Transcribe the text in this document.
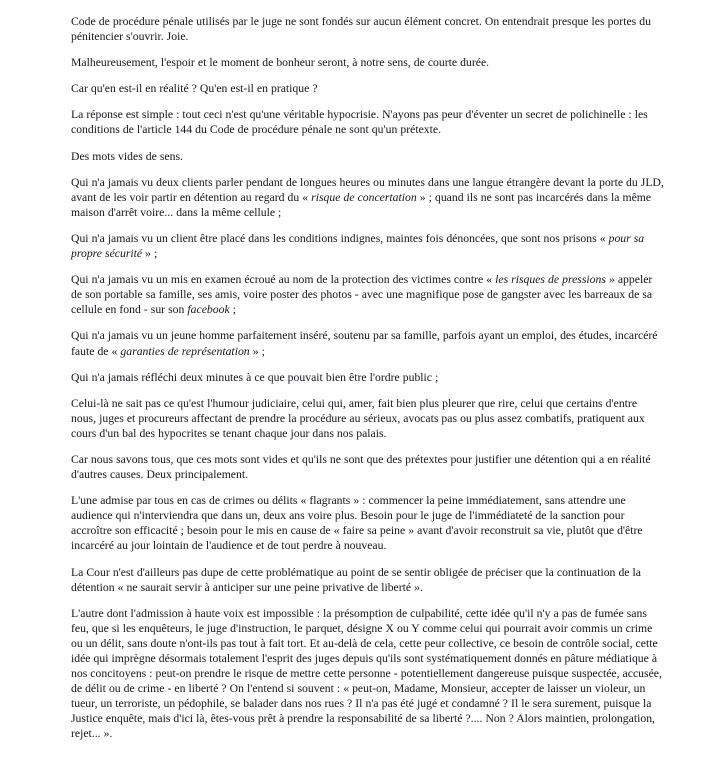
Code de procédure pénale utilisés par le juge ne sont fondés sur aucun élément concret. On entendrait presque les portes du pénitencier s'ouvrir. Joie.

Malheureusement, l'espoir et le moment de bonheur seront, à notre sens, de courte durée.

Car qu'en est-il en réalité ? Qu'en est-il en pratique ?

La réponse est simple : tout ceci n'est qu'une véritable hypocrisie. N'ayons pas peur d'éventer un secret de polichinelle : les conditions de l'article 144 du Code de procédure pénale ne sont qu'un prétexte.

Des mots vides de sens.

Qui n'a jamais vu deux clients parler pendant de longues heures ou minutes dans une langue étrangère devant la porte du JLD, avant de les voir partir en détention au regard du « risque de concertation » ; quand ils ne sont pas incarcérés dans la même maison d'arrêt voire... dans la même cellule ;

Qui n'a jamais vu un client être placé dans les conditions indignes, maintes fois dénoncées, que sont nos prisons « pour sa propre sécurité » ;

Qui n'a jamais vu un mis en examen écroué au nom de la protection des victimes contre « les risques de pressions » appeler de son portable sa famille, ses amis, voire poster des photos - avec une magnifique pose de gangster avec les barreaux de sa cellule en fond - sur son facebook ;

Qui n'a jamais vu un jeune homme parfaitement inséré, soutenu par sa famille, parfois ayant un emploi, des études, incarcéré faute de « garanties de représentation » ;

Qui n'a jamais réfléchi deux minutes à ce que pouvait bien être l'ordre public ;

Celui-là ne sait pas ce qu'est l'humour judiciaire, celui qui, amer, fait bien plus pleurer que rire, celui que certains d'entre nous, juges et procureurs affectant de prendre la procédure au sérieux, avocats pas ou plus assez combatifs, pratiquent aux cours d'un bal des hypocrites se tenant chaque jour dans nos palais.

Car nous savons tous, que ces mots sont vides et qu'ils ne sont que des prétextes pour justifier une détention qui a en réalité d'autres causes. Deux principalement.

L'une admise par tous en cas de crimes ou délits « flagrants » : commencer la peine immédiatement, sans attendre une audience qui n'interviendra que dans un, deux ans voire plus. Besoin pour le juge de l'immédiateté de la sanction pour accroître son efficacité ; besoin pour le mis en cause de « faire sa peine » avant d'avoir reconstruit sa vie, plutôt que d'être incarcéré au jour lointain de l'audience et de tout perdre à nouveau.

La Cour n'est d'ailleurs pas dupe de cette problématique au point de se sentir obligée de préciser que la continuation de la détention « ne saurait servir à anticiper sur une peine privative de liberté ».

L'autre dont l'admission à haute voix est impossible : la présomption de culpabilité, cette idée qu'il n'y a pas de fumée sans feu, que si les enquêteurs, le juge d'instruction, le parquet, désigne X ou Y comme celui qui pourrait avoir commis un crime ou un délit, sans doute n'ont-ils pas tout à fait tort. Et au-delà de cela, cette peur collective, ce besoin de contrôle social, cette idée qui imprègne désormais totalement l'esprit des juges depuis qu'ils sont systématiquement donnés en pâture médiatique à nos concitoyens : peut-on prendre le risque de mettre cette personne - potentiellement dangereuse puisque suspectée, accusée, de délit ou de crime - en liberté ? On l'entend si souvent : « peut-on, Madame, Monsieur, accepter de laisser un violeur, un tueur, un terroriste, un pédophile, se balader dans nos rues ? Il n'a pas été jugé et condamné ? Il le sera surement, puisque la Justice enquête, mais d'ici là, êtes-vous prêt à prendre la responsabilité de sa liberté ?.... Non ? Alors maintien, prolongation, rejet... ».
